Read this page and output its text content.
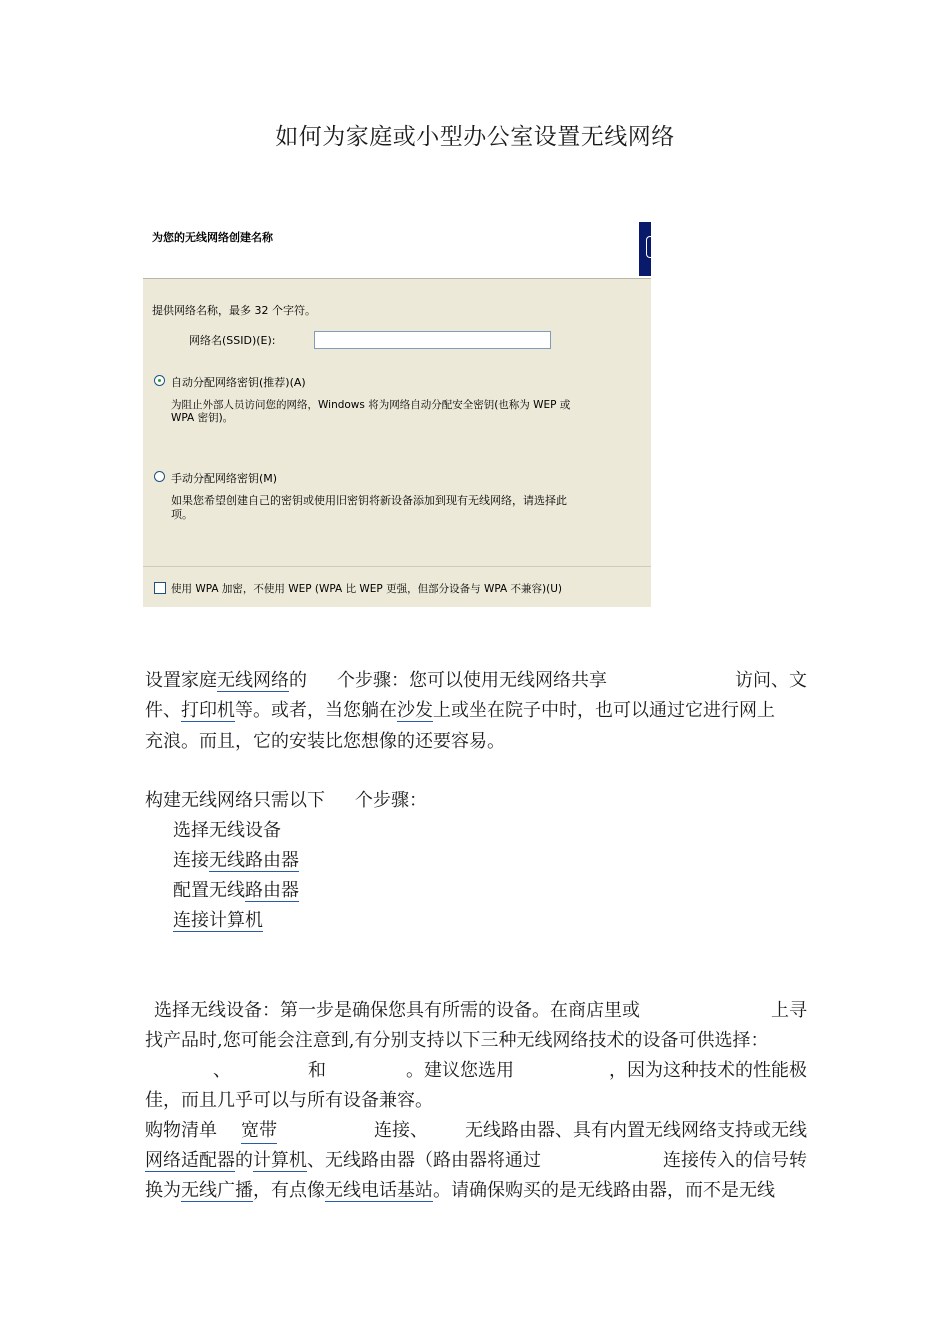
如何为家庭或小型办公室设置无线网络
为您的无线网络创建名称
提供网络名称，最多 32 个字符。
网络名(SSID)(E):
自动分配网络密钥(推荐)(A)
为阻止外部人员访问您的网络，Windows 将为网络自动分配安全密钥(也称为 WEP 或
WPA 密钥)。
手动分配网络密钥(M)
如果您希望创建自己的密钥或使用旧密钥将新设备添加到现有无线网络，请选择此
项。
使用 WPA 加密，不使用 WEP (WPA 比 WEP 更强，但部分设备与 WPA 不兼容)(U)
设置家庭无线网络的 个步骤：您可以使用无线网络共享	访问、文
件、打印机等。或者，当您躺在沙发上或坐在院子中时，也可以通过它进行网上
充浪。而且，它的安装比您想像的还要容易。
构建无线网络只需以下 个步骤：
选择无线设备
连接无线路由器
配置无线路由器
连接计算机
选择无线设备：第一步是确保您具有所需的设备。在商店里或	上寻
找产品时,您可能会注意到,有分别支持以下三种无线网络技术的设备可供选择：
、	和	。建议您选用	，因为这种技术的性能极
佳，而且几乎可以与所有设备兼容。
购物清单 宽带	连接、 无线路由器、具有内置无线网络支持或无线
网络适配器的计算机、无线路由器（路由器将通过	连接传入的信号转
换为无线广播，有点像无线电话基站。请确保购买的是无线路由器，而不是无线
